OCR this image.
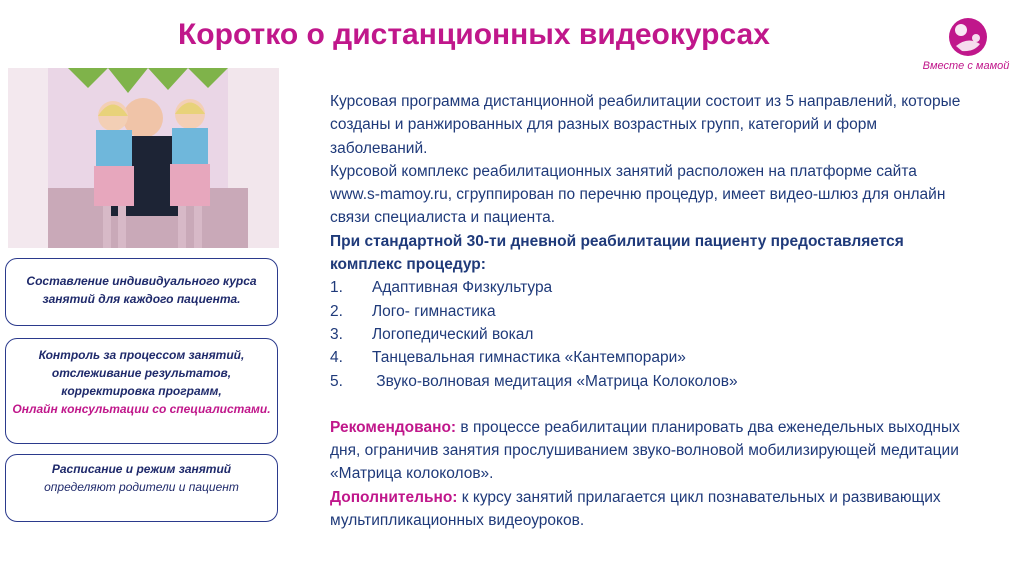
Коротко о дистанционных видеокурсах
Вместе с мамой
Составление индивидуального курса занятий для каждого пациента.
Контроль за процессом занятий, отслеживание результатов, корректировка программ,
Онлайн консультации со специалистами.
Расписание и режим занятий
определяют родители и пациент

Курсовая программа дистанционной реабилитации состоит из 5 направлений, которые созданы и ранжированных для разных возрастных групп, категорий и форм заболеваний.

Курсовой комплекс реабилитационных занятий расположен на платформе сайта www.s-mamoy.ru, сгруппирован по перечню процедур, имеет видео-шлюз для онлайн связи специалиста и пациента.

При стандартной 30-ти дневной реабилитации пациенту предоставляется комплекс процедур:

1.	Адаптивная Физкультура
2.	Лого- гимнастика
3.	Логопедический вокал
4.	Танцевальная гимнастика «Кантемпорари»
5.	Звуко-волновая медитация «Матрица Колоколов»

Рекомендовано: в процессе реабилитации планировать два еженедельных выходных дня, ограничив занятия прослушиванием звуко-волновой мобилизирующей медитации «Матрица колоколов».

Дополнительно: к курсу занятий прилагается цикл познавательных и развивающих мультипликационных видеоуроков.
